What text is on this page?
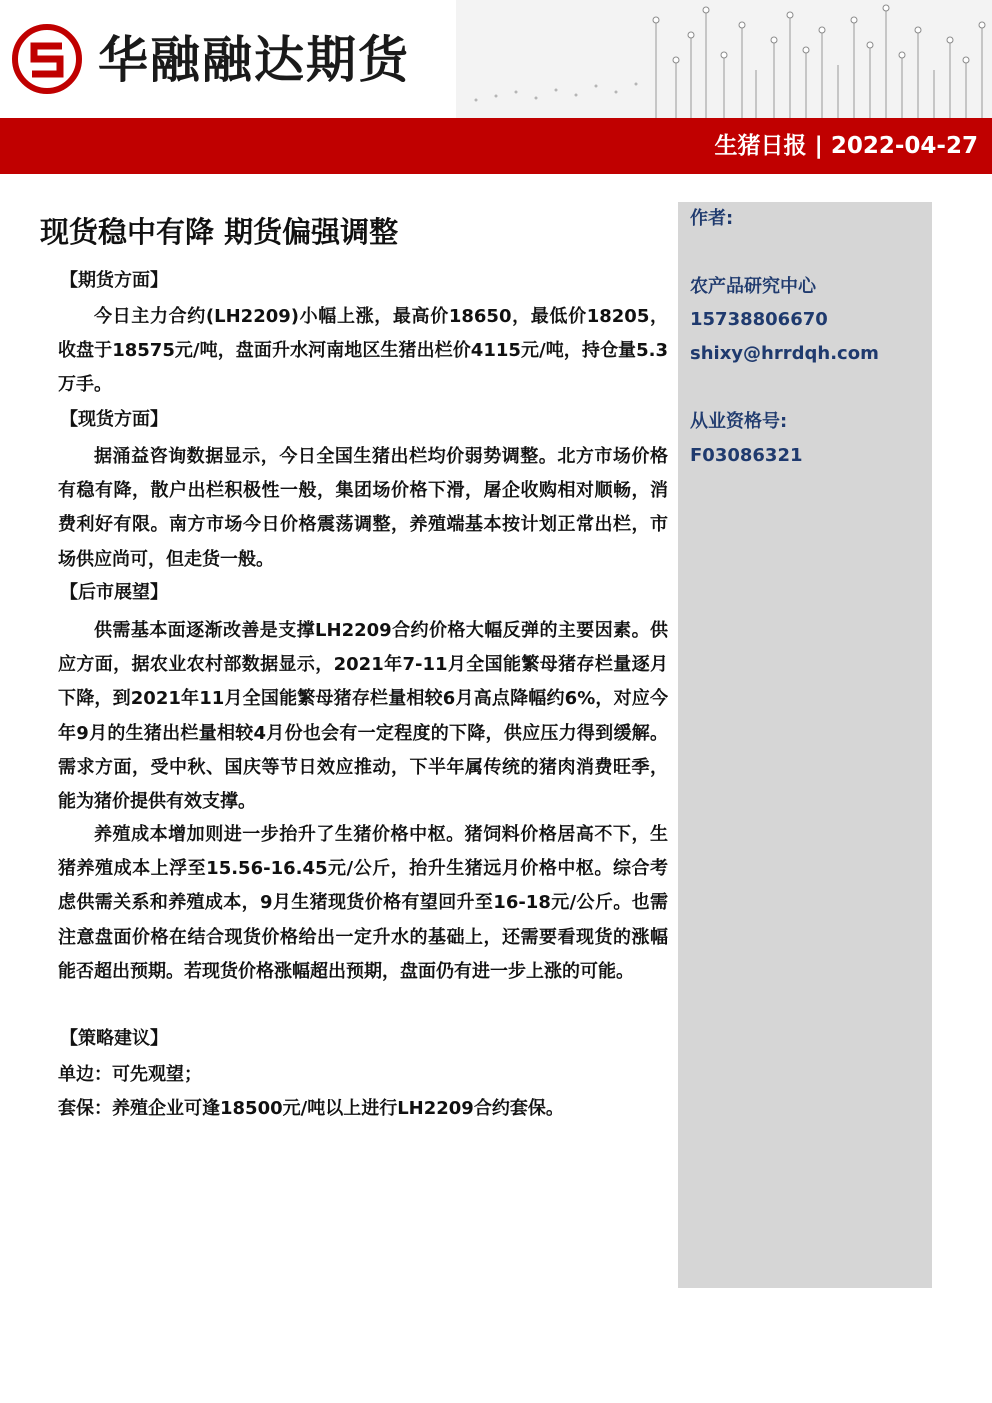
华融融达期货
生猪日报 | 2022-04-27
作者:
农产品研究中心
15738806670
shixy@hrrdqh.com
从业资格号:
F03086321
现货稳中有降 期货偏强调整
【期货方面】
今日主力合约(LH2209)小幅上涨，最高价18650，最低价18205，收盘于18575元/吨，盘面升水河南地区生猪出栏价4115元/吨，持仓量5.3万手。
【现货方面】
据涌益咨询数据显示，今日全国生猪出栏均价弱势调整。北方市场价格有稳有降，散户出栏积极性一般，集团场价格下滑，屠企收购相对顺畅，消费利好有限。南方市场今日价格震荡调整，养殖端基本按计划正常出栏，市场供应尚可，但走货一般。
【后市展望】
供需基本面逐渐改善是支撑LH2209合约价格大幅反弹的主要因素。供应方面，据农业农村部数据显示，2021年7-11月全国能繁母猪存栏量逐月下降，到2021年11月全国能繁母猪存栏量相较6月高点降幅约6%，对应今年9月的生猪出栏量相较4月份也会有一定程度的下降，供应压力得到缓解。需求方面，受中秋、国庆等节日效应推动，下半年属传统的猪肉消费旺季，能为猪价提供有效支撑。
养殖成本增加则进一步抬升了生猪价格中枢。猪饲料价格居高不下，生猪养殖成本上浮至15.56-16.45元/公斤，抬升生猪远月价格中枢。综合考虑供需关系和养殖成本，9月生猪现货价格有望回升至16-18元/公斤。也需注意盘面价格在结合现货价格给出一定升水的基础上，还需要看现货的涨幅能否超出预期。若现货价格涨幅超出预期，盘面仍有进一步上涨的可能。
【策略建议】
单边：可先观望；
套保：养殖企业可逢18500元/吨以上进行LH2209合约套保。
